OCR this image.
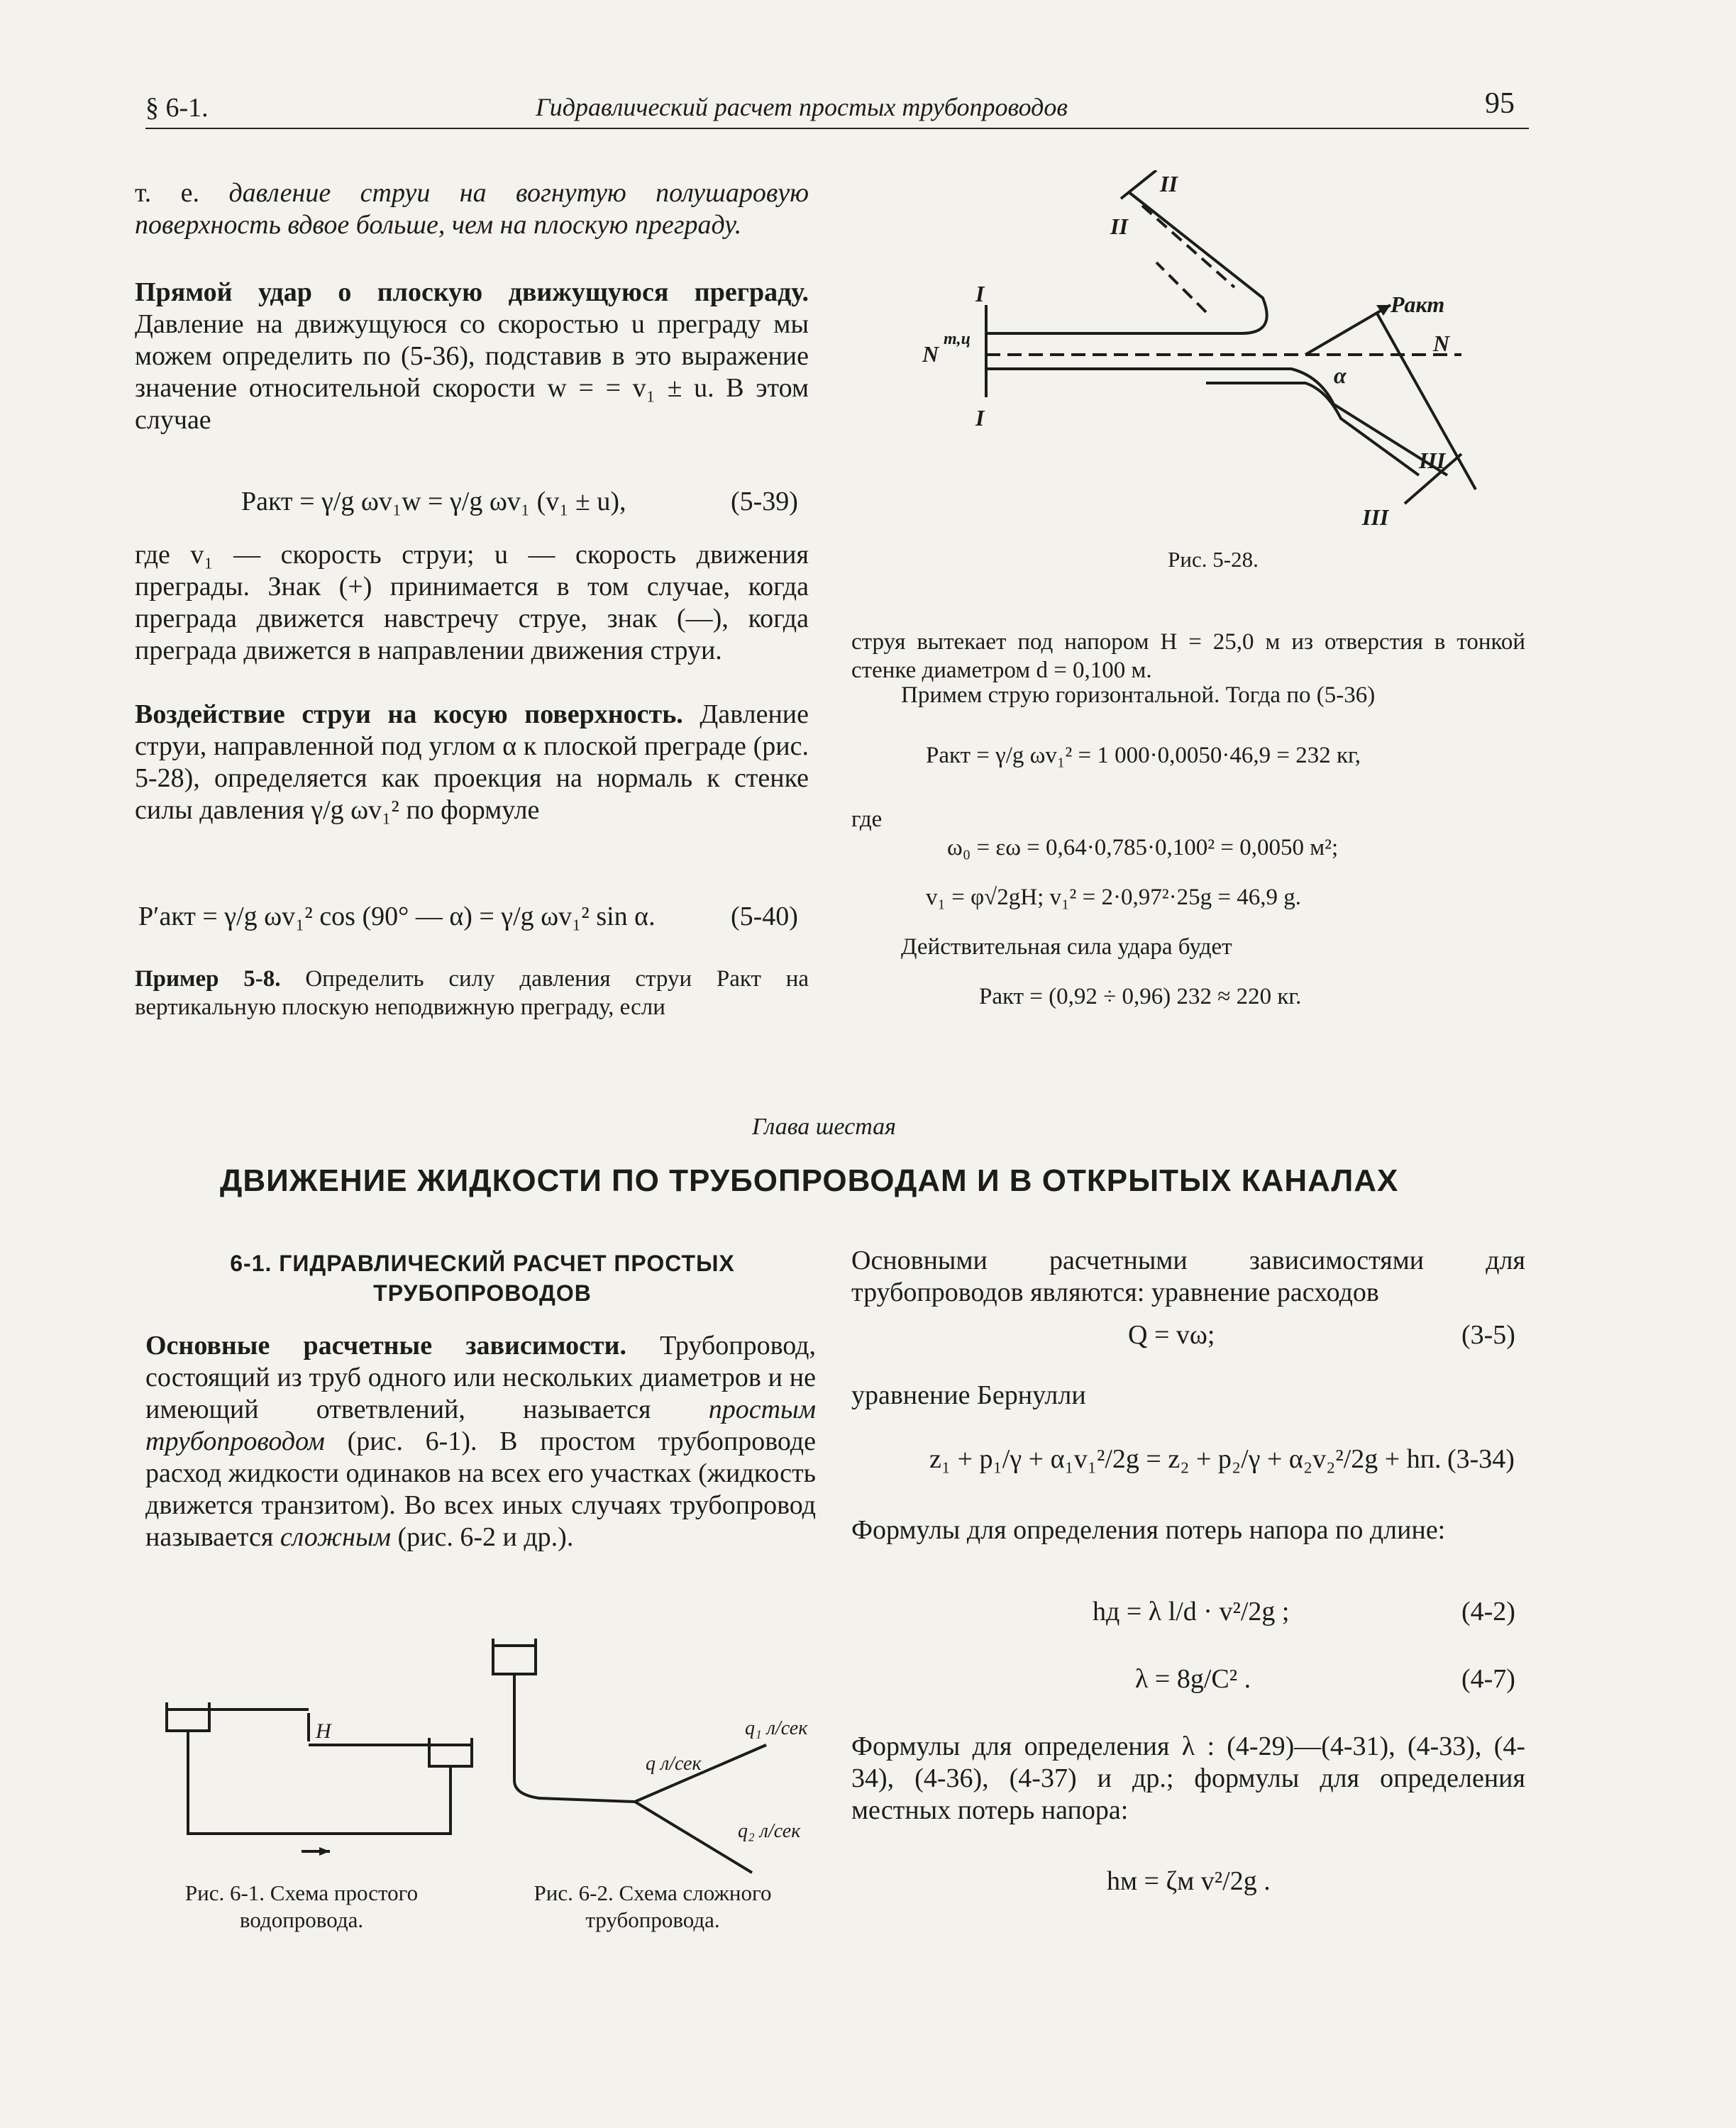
§ 6-1.	Гидравлический расчет простых трубопроводов	95
т. е. давление струи на вогнутую полушаровую поверхность вдвое больше, чем на плоскую преграду.
Прямой удар о плоскую движущуюся преграду. Давление на движущуюся со скоростью u преграду мы можем определить по (5-36), подставив в это выражение значение относительной скорости w = = v₁ ± u. В этом случае
Pакт = γ/g ωv₁w = γ/g ωv₁ (v₁ ± u),	(5-39)
где v₁ — скорость струи; u — скорость движения преграды. Знак (+) принимается в том случае, когда преграда движется навстречу струе, знак (—), когда преграда движется в направлении движения струи.
Воздействие струи на косую поверхность. Давление струи, направленной под углом α к плоской преграде (рис. 5-28), определяется как проекция на нормаль к стенке силы давления γ/g ωv₁² по формуле
P′акт = γ/g ωv₁² cos (90° — α) = γ/g ωv₁² sin α.	(5-40)
Пример 5-8. Определить силу давления струи Pакт на вертикальную плоскую неподвижную преграду, если
I
I
II
II
III
III
N	N
m,ц
Pакт
α
Рис. 5-28.
струя вытекает под напором H = 25,0 м из отверстия в тонкой стенке диаметром d = 0,100 м.
Примем струю горизонтальной. Тогда по (5-36)
Pакт = γ/g ωv₁² = 1 000·0,0050·46,9 = 232 кг,
где
ω₀ = εω = 0,64·0,785·0,100² = 0,0050 м²;
v₁ = φ√2gH; v₁² = 2·0,97²·25g = 46,9 g.
Действительная сила удара будет
Pакт = (0,92 ÷ 0,96) 232 ≈ 220 кг.
Глава шестая
ДВИЖЕНИЕ ЖИДКОСТИ ПО ТРУБОПРОВОДАМ И В ОТКРЫТЫХ КАНАЛАХ
6-1. ГИДРАВЛИЧЕСКИЙ РАСЧЕТ ПРОСТЫХ
ТРУБОПРОВОДОВ
Основные расчетные зависимости. Трубопровод, состоящий из труб одного или нескольких диаметров и не имеющий ответвлений, называется простым трубопроводом (рис. 6-1). В простом трубопроводе расход жидкости одинаков на всех его участках (жидкость движется транзитом). Во всех иных случаях трубопровод называется сложным (рис. 6-2 и др.).
H
Рис. 6-1. Схема простого водопровода.
q л/сек
q₁ л/сек
q₂ л/сек
Рис. 6-2. Схема сложного трубопровода.
Основными расчетными зависимостями для трубопроводов являются: уравнение расходов
Q = vω;	(3-5)
уравнение Бернулли
z₁ + p₁/γ + α₁v₁²/2g = z₂ + p₂/γ + α₂v₂²/2g + hп. (3-34)
Формулы для определения потерь напора по длине:
hд = λ l/d · v²/2g ;	(4-2)
λ = 8g/C² .	(4-7)
Формулы для определения λ : (4-29)—(4-31), (4-33), (4-34), (4-36), (4-37) и др.; формулы для определения местных потерь напора:
hм = ζм v²/2g .
